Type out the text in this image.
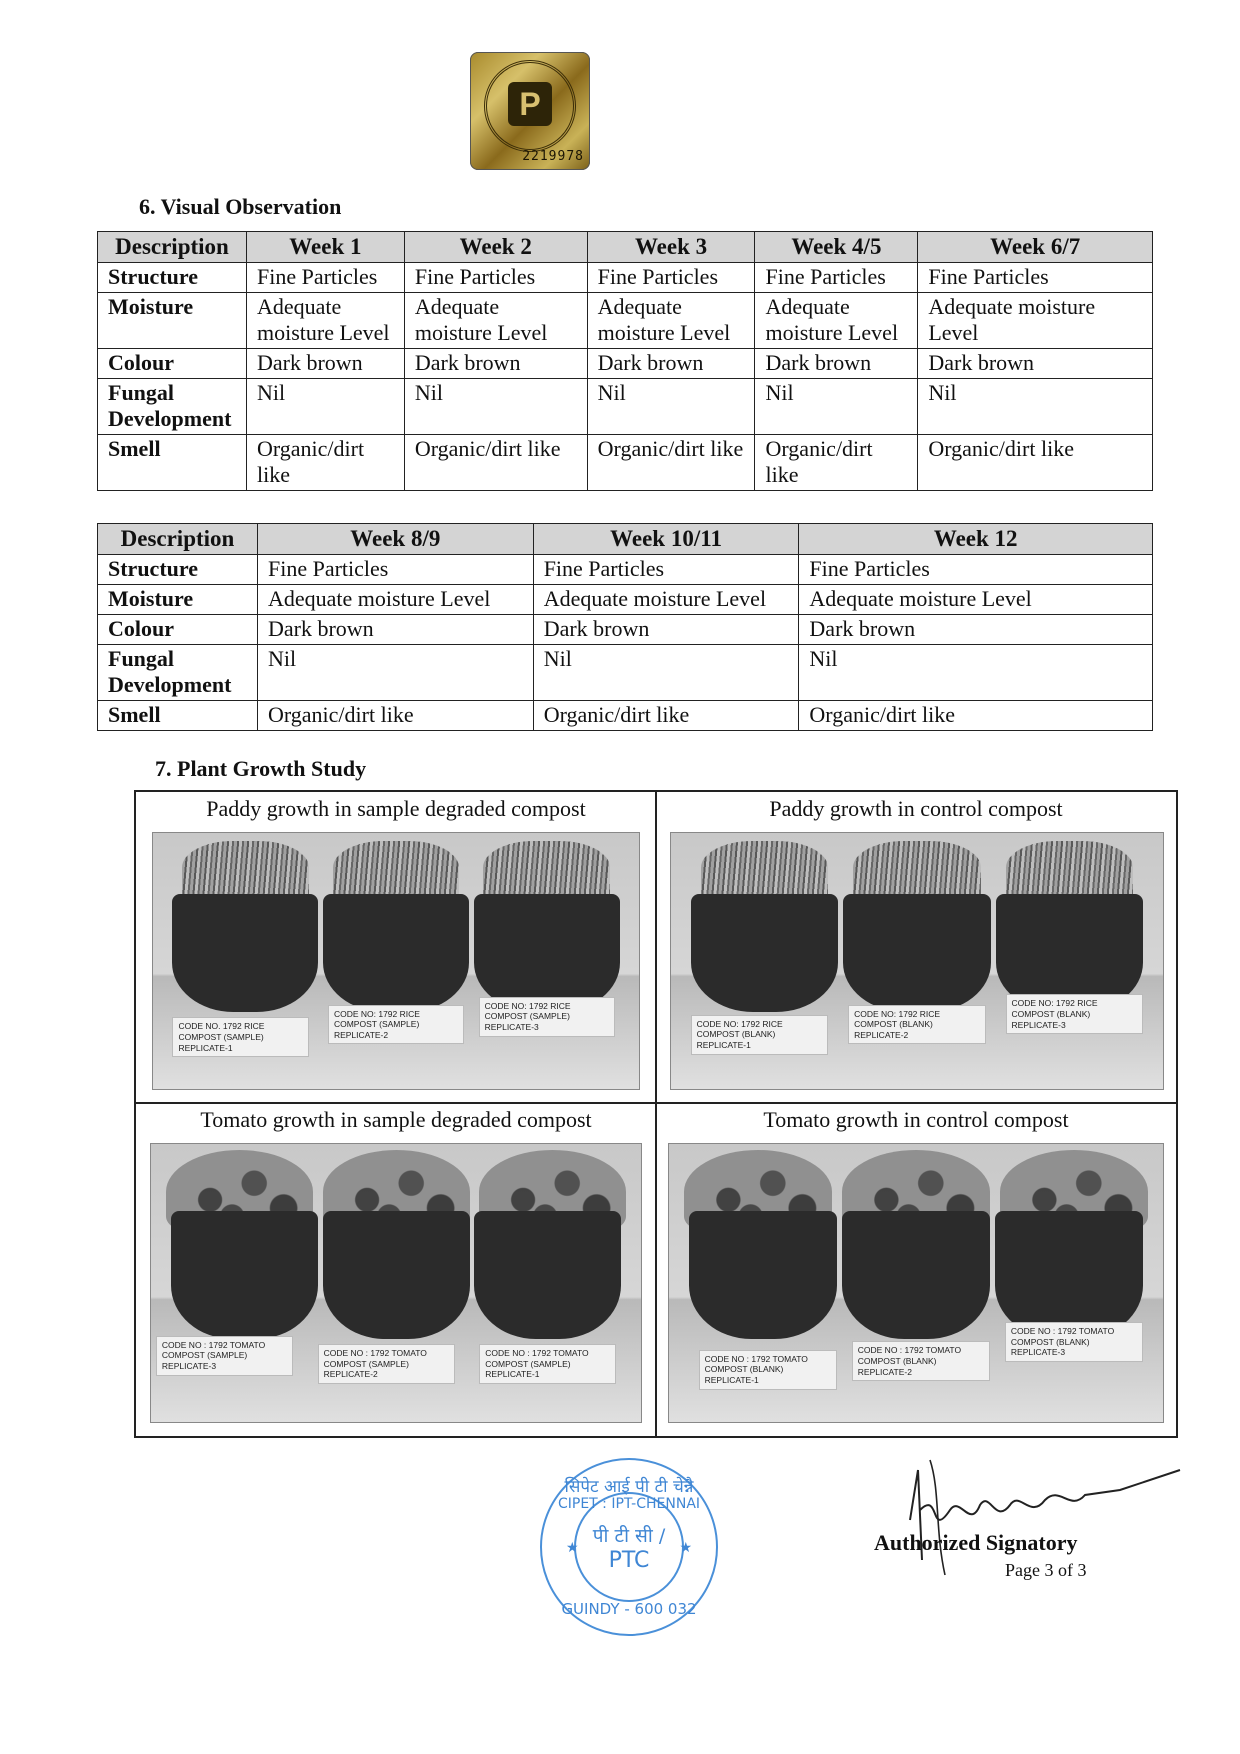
P
2219978
6. Visual Observation
Description	Week 1	Week 2	Week 3	Week 4/5	Week 6/7
Structure	Fine Particles	Fine Particles	Fine Particles	Fine Particles	Fine Particles
Moisture	Adequate moisture Level	Adequate moisture Level	Adequate moisture Level	Adequate moisture Level	Adequate moisture Level
Colour	Dark brown	Dark brown	Dark brown	Dark brown	Dark brown
Fungal Development	Nil	Nil	Nil	Nil	Nil
Smell	Organic/dirt like	Organic/dirt like	Organic/dirt like	Organic/dirt like	Organic/dirt like
Description	Week 8/9	Week 10/11	Week 12
Structure	Fine Particles	Fine Particles	Fine Particles
Moisture	Adequate moisture Level	Adequate moisture Level	Adequate moisture Level
Colour	Dark brown	Dark brown	Dark brown
Fungal Development	Nil	Nil	Nil
Smell	Organic/dirt like	Organic/dirt like	Organic/dirt like
7. Plant Growth Study
Paddy growth in sample degraded compost
CODE NO. 1792 RICE COMPOST (SAMPLE) REPLICATE-1
CODE NO: 1792 RICE COMPOST (SAMPLE) REPLICATE-2
CODE NO: 1792 RICE COMPOST (SAMPLE) REPLICATE-3
Paddy growth in control compost
CODE NO: 1792 RICE COMPOST (BLANK) REPLICATE-1
CODE NO: 1792 RICE COMPOST (BLANK) REPLICATE-2
CODE NO: 1792 RICE COMPOST (BLANK) REPLICATE-3
Tomato growth in sample degraded compost
CODE NO : 1792 TOMATO COMPOST (SAMPLE) REPLICATE-3
CODE NO : 1792 TOMATO COMPOST (SAMPLE) REPLICATE-2
CODE NO : 1792 TOMATO COMPOST (SAMPLE) REPLICATE-1
Tomato growth in control compost
CODE NO : 1792 TOMATO COMPOST (BLANK) REPLICATE-1
CODE NO : 1792 TOMATO COMPOST (BLANK) REPLICATE-2
CODE NO : 1792 TOMATO COMPOST (BLANK) REPLICATE-3
सिपेट आई पी टी चेन्नै
CIPET : IPT-CHENNAI
पी टी सी /
PTC
★	★
GUINDY - 600 032
Authorized Signatory
Page 3 of 3
